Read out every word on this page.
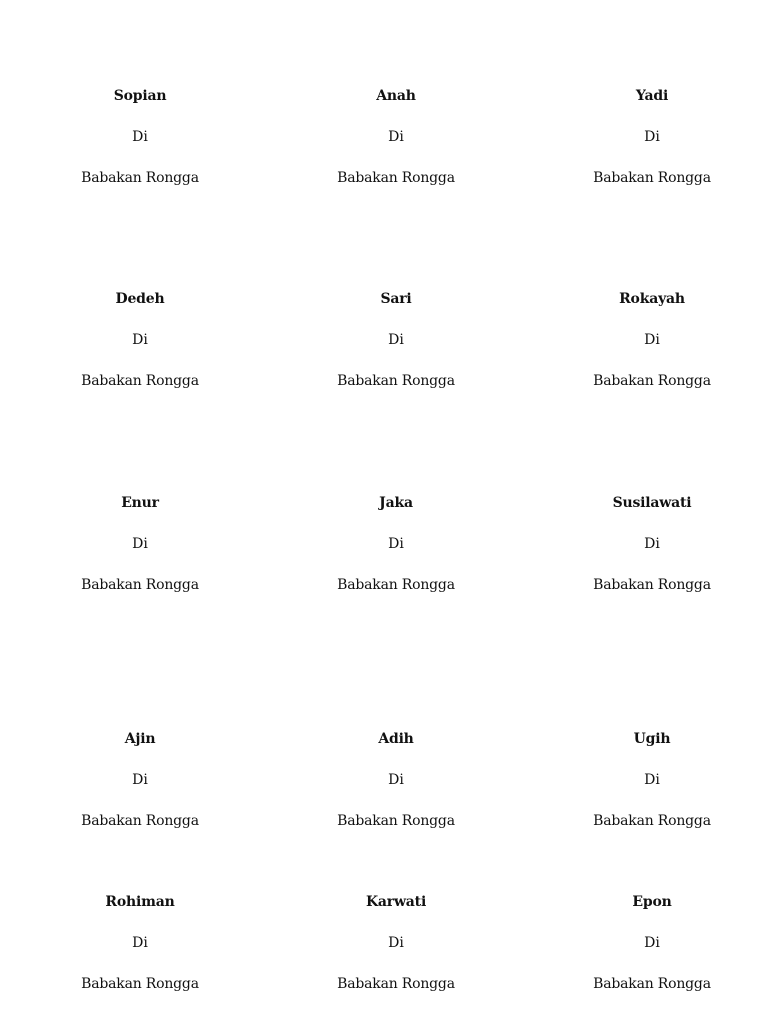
Sopian
Di
Babakan Rongga
Anah
Di
Babakan Rongga
Yadi
Di
Babakan Rongga
Dedeh
Di
Babakan Rongga
Sari
Di
Babakan Rongga
Rokayah
Di
Babakan Rongga
Enur
Di
Babakan Rongga
Jaka
Di
Babakan Rongga
Susilawati
Di
Babakan Rongga
Ajin
Di
Babakan Rongga
Adih
Di
Babakan Rongga
Ugih
Di
Babakan Rongga
Rohiman
Di
Babakan Rongga
Karwati
Di
Babakan Rongga
Epon
Di
Babakan Rongga
